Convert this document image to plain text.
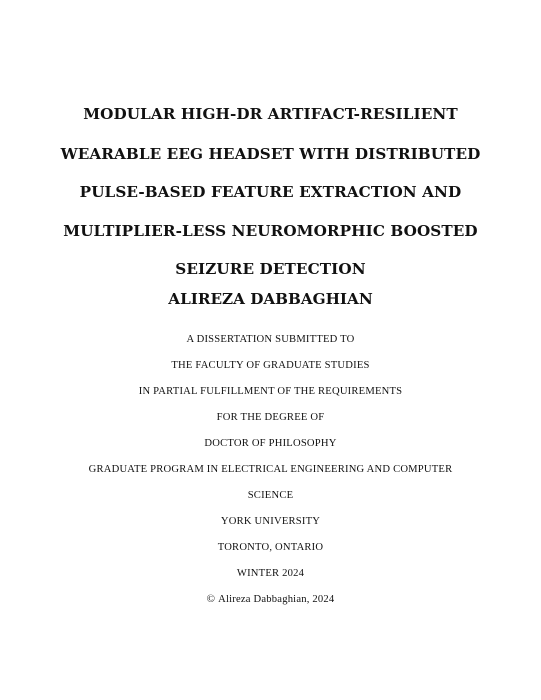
MODULAR HIGH-DR ARTIFACT-RESILIENT
WEARABLE EEG HEADSET WITH DISTRIBUTED
PULSE-BASED FEATURE EXTRACTION AND
MULTIPLIER-LESS NEUROMORPHIC BOOSTED
SEIZURE DETECTION
ALIREZA DABBAGHIAN
A DISSERTATION SUBMITTED TO
THE FACULTY OF GRADUATE STUDIES
IN PARTIAL FULFILLMENT OF THE REQUIREMENTS
FOR THE DEGREE OF
DOCTOR OF PHILOSOPHY
GRADUATE PROGRAM IN ELECTRICAL ENGINEERING AND COMPUTER
SCIENCE
YORK UNIVERSITY
TORONTO, ONTARIO
WINTER 2024
© Alireza Dabbaghian, 2024
